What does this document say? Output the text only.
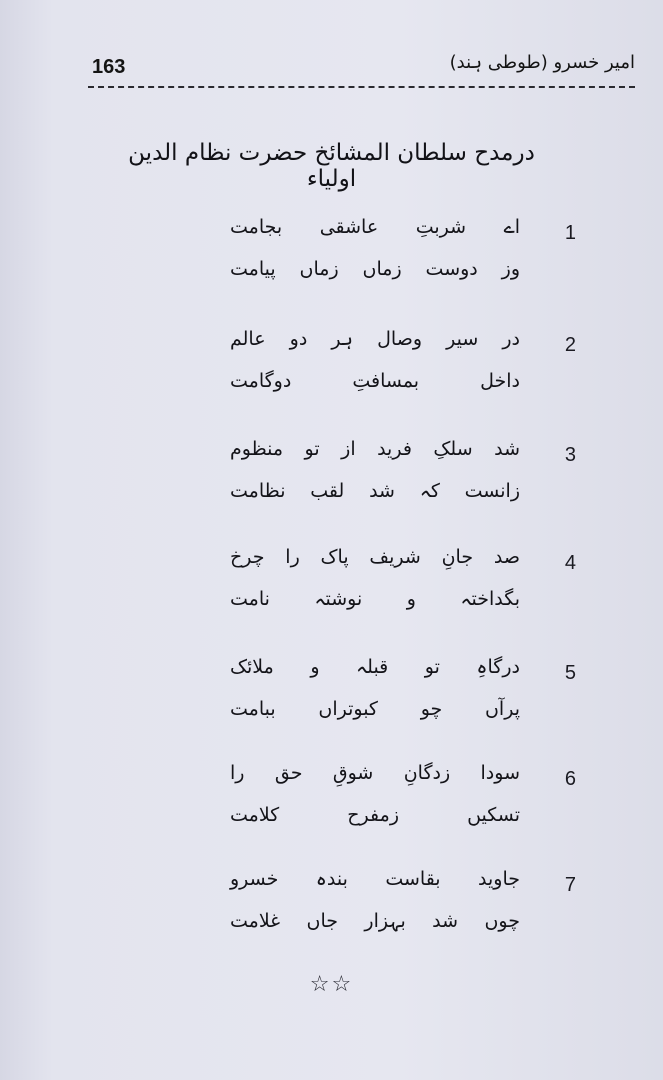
163	امیر خسرو (طوطی ہند)
درمدح سلطان المشائخ حضرت نظام الدین اولیاء
1
اے شربتِ عاشقی بجامت
وز دوست زماں زماں پیامت
2
در سیر وصال ہر دو عالم
داخل بمسافتِ دوگامت
3
شد سلکِ فرید از تو منظوم
زانست کہ شد لقب نظامت
4
صد جانِ شریف پاک را چرخ
بگداختہ و نوشتہ نامت
5
درگاہِ تو قبلہ و ملائک
پرآں چو کبوتراں ببامت
6
سودا زدگانِ شوقِ حق را
تسکیں زمفرح کلامت
7
جاوید بقاست بندہ خسرو
چوں شد بہزار جاں غلامت
☆☆
